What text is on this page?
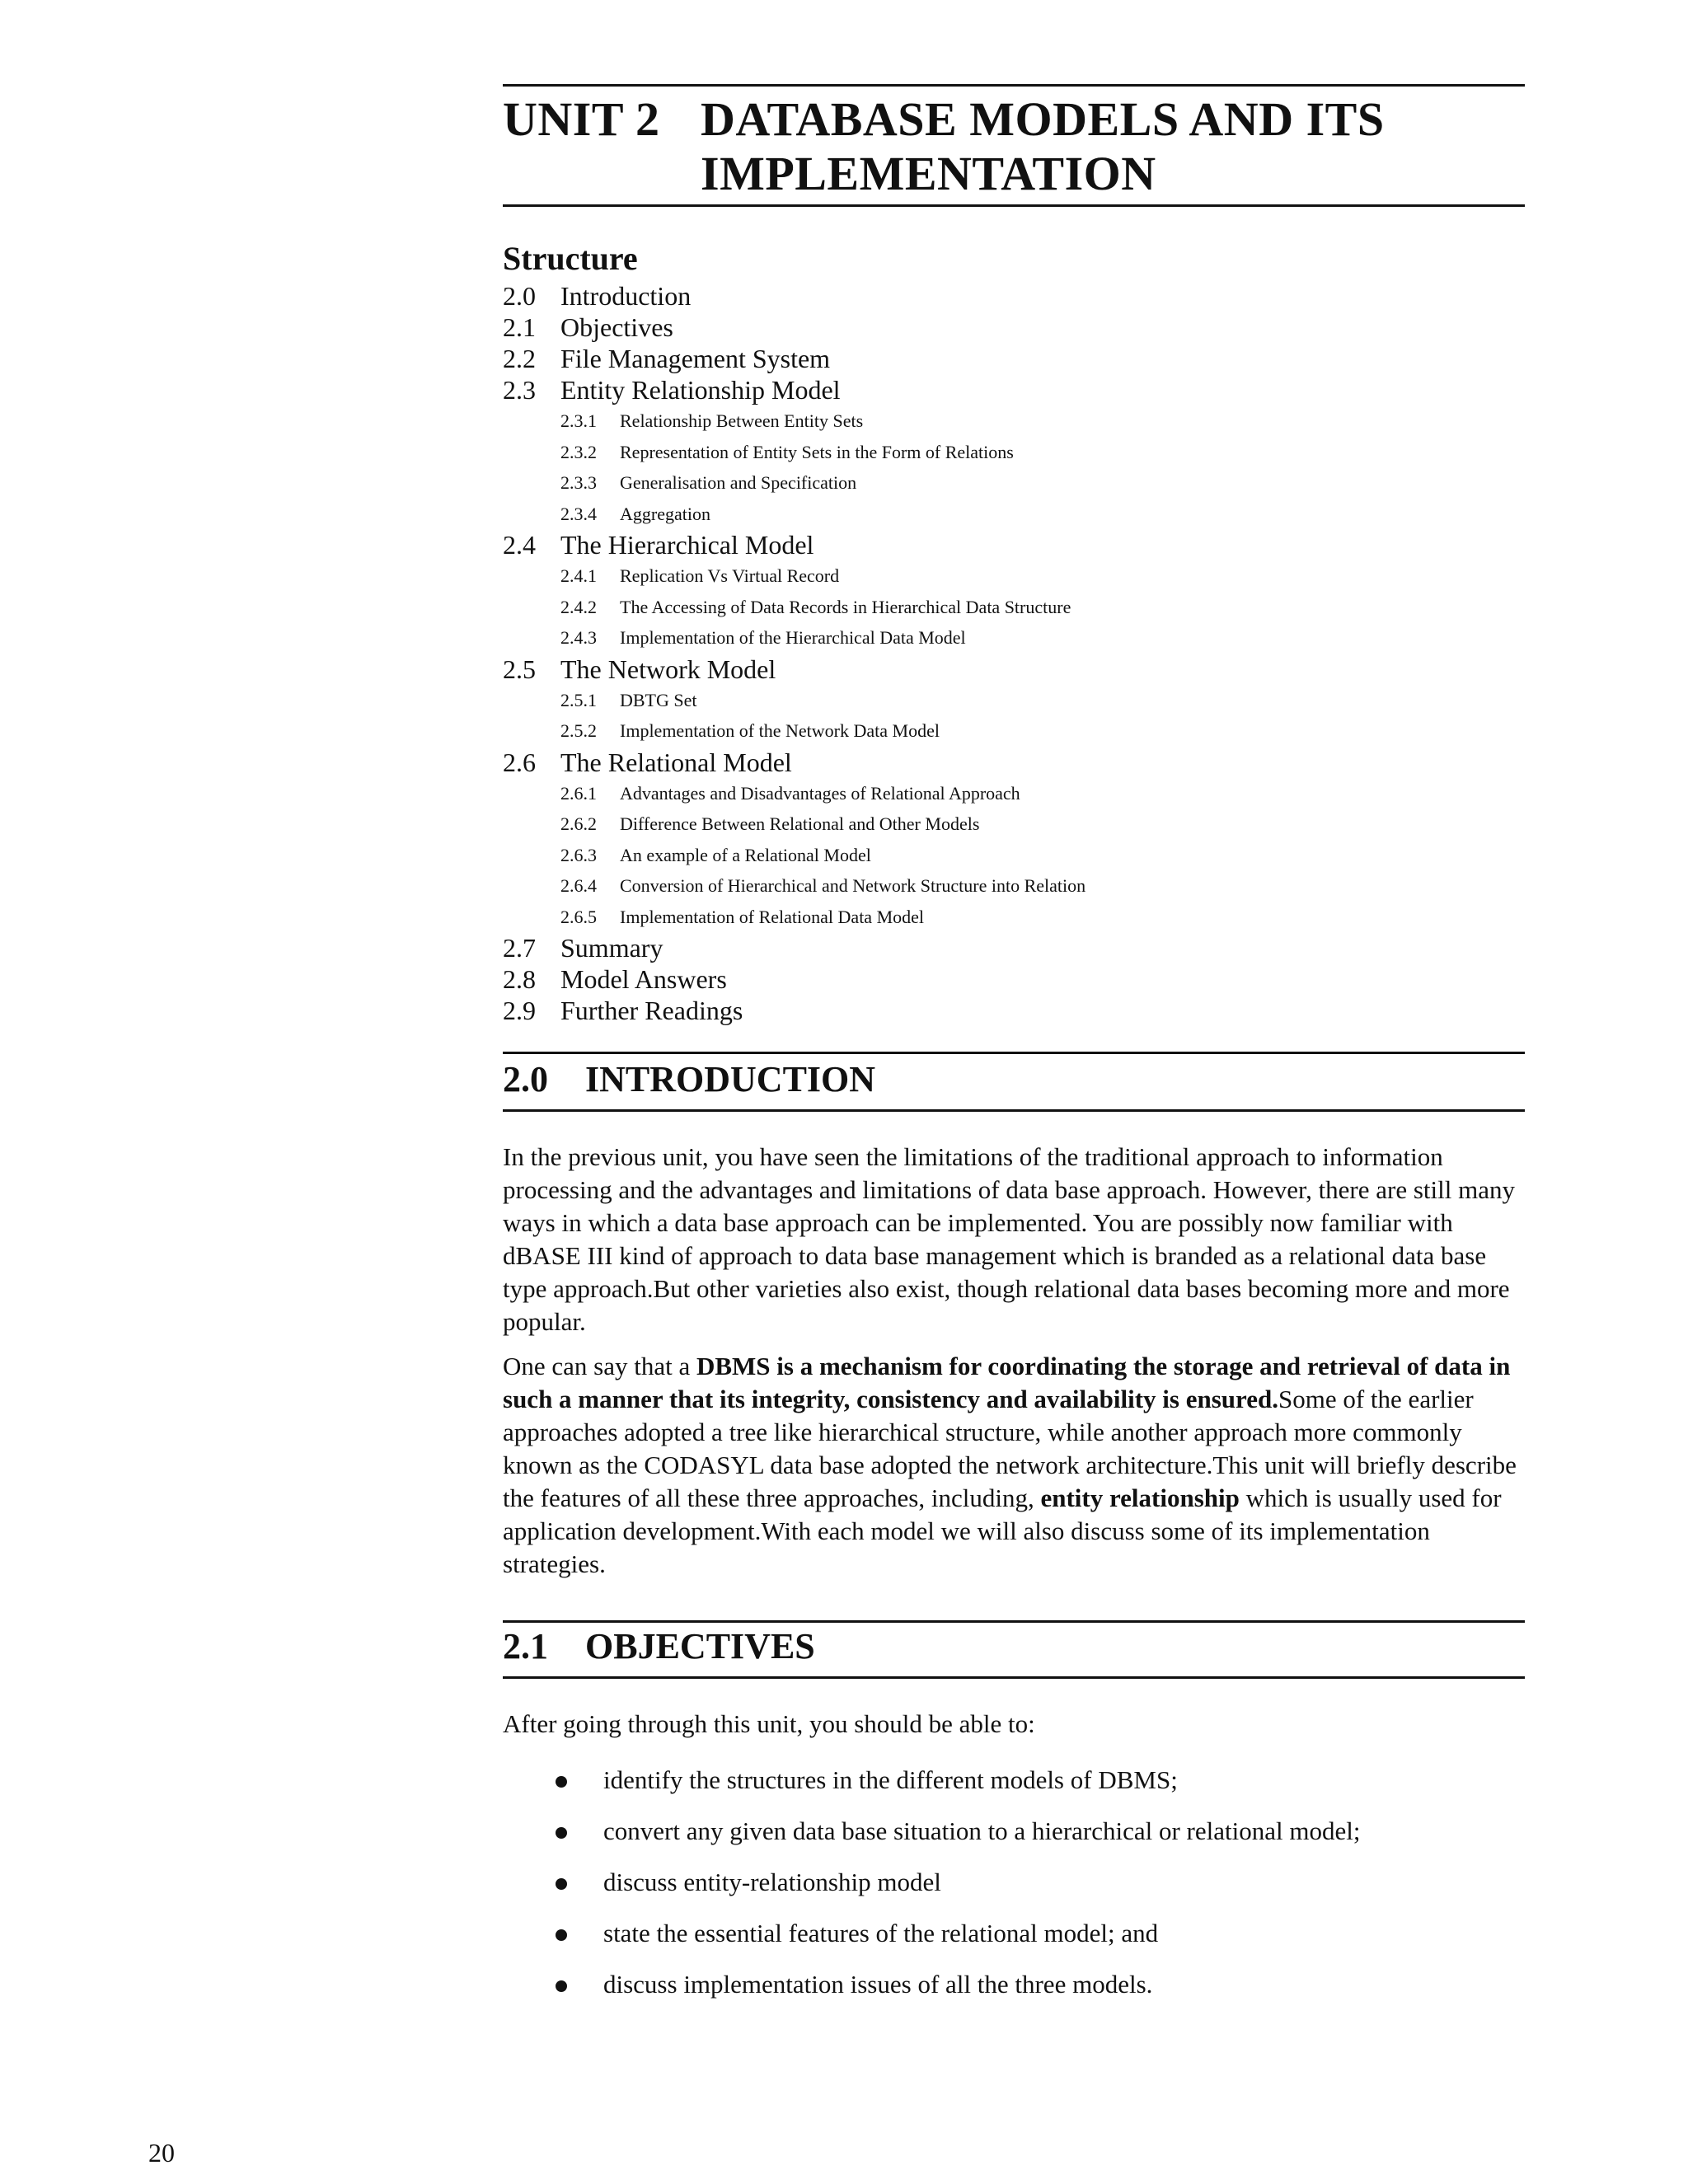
UNIT 2 DATABASE MODELS AND ITS
IMPLEMENTATION
Structure
2.0 Introduction
2.1 Objectives
2.2 File Management System
2.3 Entity Relationship Model
2.3.1 Relationship Between Entity Sets
2.3.2 Representation of Entity Sets in the Form of Relations
2.3.3 Generalisation and Specification
2.3.4 Aggregation
2.4 The Hierarchical Model
2.4.1 Replication Vs Virtual Record
2.4.2 The Accessing of Data Records in Hierarchical Data Structure
2.4.3 Implementation of the Hierarchical Data Model
2.5 The Network Model
2.5.1 DBTG Set
2.5.2 Implementation of the Network Data Model
2.6 The Relational Model
2.6.1 Advantages and Disadvantages of Relational Approach
2.6.2 Difference Between Relational and Other Models
2.6.3 An example of a Relational Model
2.6.4 Conversion of Hierarchical and Network Structure into Relation
2.6.5 Implementation of Relational Data Model
2.7 Summary
2.8 Model Answers
2.9 Further Readings
2.0 INTRODUCTION

In the previous unit, you have seen the limitations of the traditional approach to information processing and the advantages and limitations of data base approach. However, there are still many ways in which a data base approach can be implemented. You are possibly now familiar with dBASE III kind of approach to data base management which is branded as a relational data base type approach.But other varieties also exist, though relational data bases becoming more and more popular.

One can say that a DBMS is a mechanism for coordinating the storage and retrieval of data in such a manner that its integrity, consistency and availability is ensured.Some of the earlier approaches adopted a tree like hierarchical structure, while another approach more commonly known as the CODASYL data base adopted the network architecture.This unit will briefly describe the features of all these three approaches, including, entity relationship which is usually used for application development.With each model we will also discuss some of its implementation strategies.

2.1 OBJECTIVES

After going through this unit, you should be able to:

identify the structures in the different models of DBMS;
convert any given data base situation to a hierarchical or relational model;
discuss entity-relationship model
state the essential features of the relational model; and
discuss implementation issues of all the three models.
20
